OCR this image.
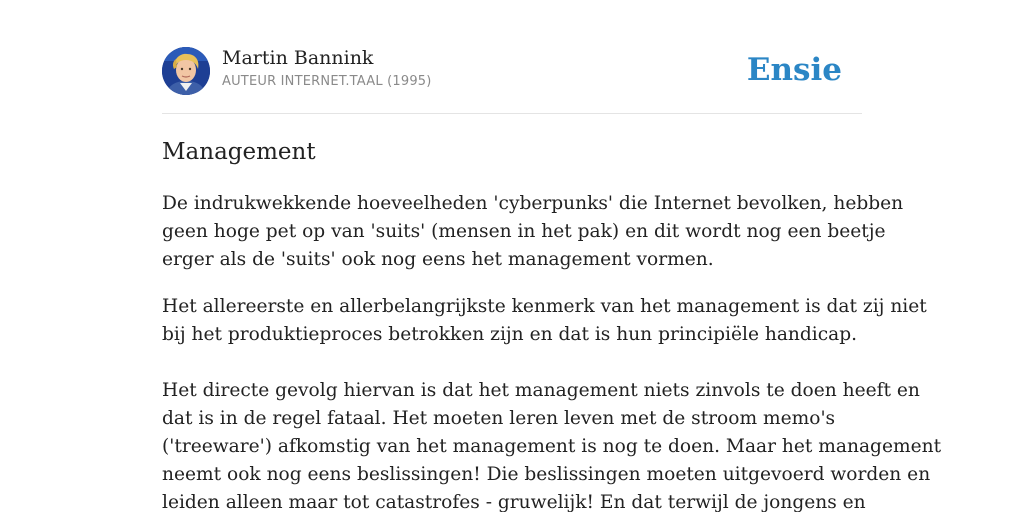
Martin Bannink
AUTEUR INTERNET.TAAL (1995)	Ensie
Management

De indrukwekkende hoeveelheden 'cyberpunks' die Internet bevolken, hebben

geen hoge pet op van 'suits' (mensen in het pak) en dit wordt nog een beetje

erger als de 'suits' ook nog eens het management vormen.

Het allereerste en allerbelangrijkste kenmerk van het management is dat zij niet

bij het produktieproces betrokken zijn en dat is hun principiële handicap.

Het directe gevolg hiervan is dat het management niets zinvols te doen heeft en

dat is in de regel fataal. Het moeten leren leven met de stroom memo's

('treeware') afkomstig van het management is nog te doen. Maar het management

neemt ook nog eens beslissingen! Die beslissingen moeten uitgevoerd worden en

leiden alleen maar tot catastrofes - gruwelijk! En dat terwijl de jongens en
